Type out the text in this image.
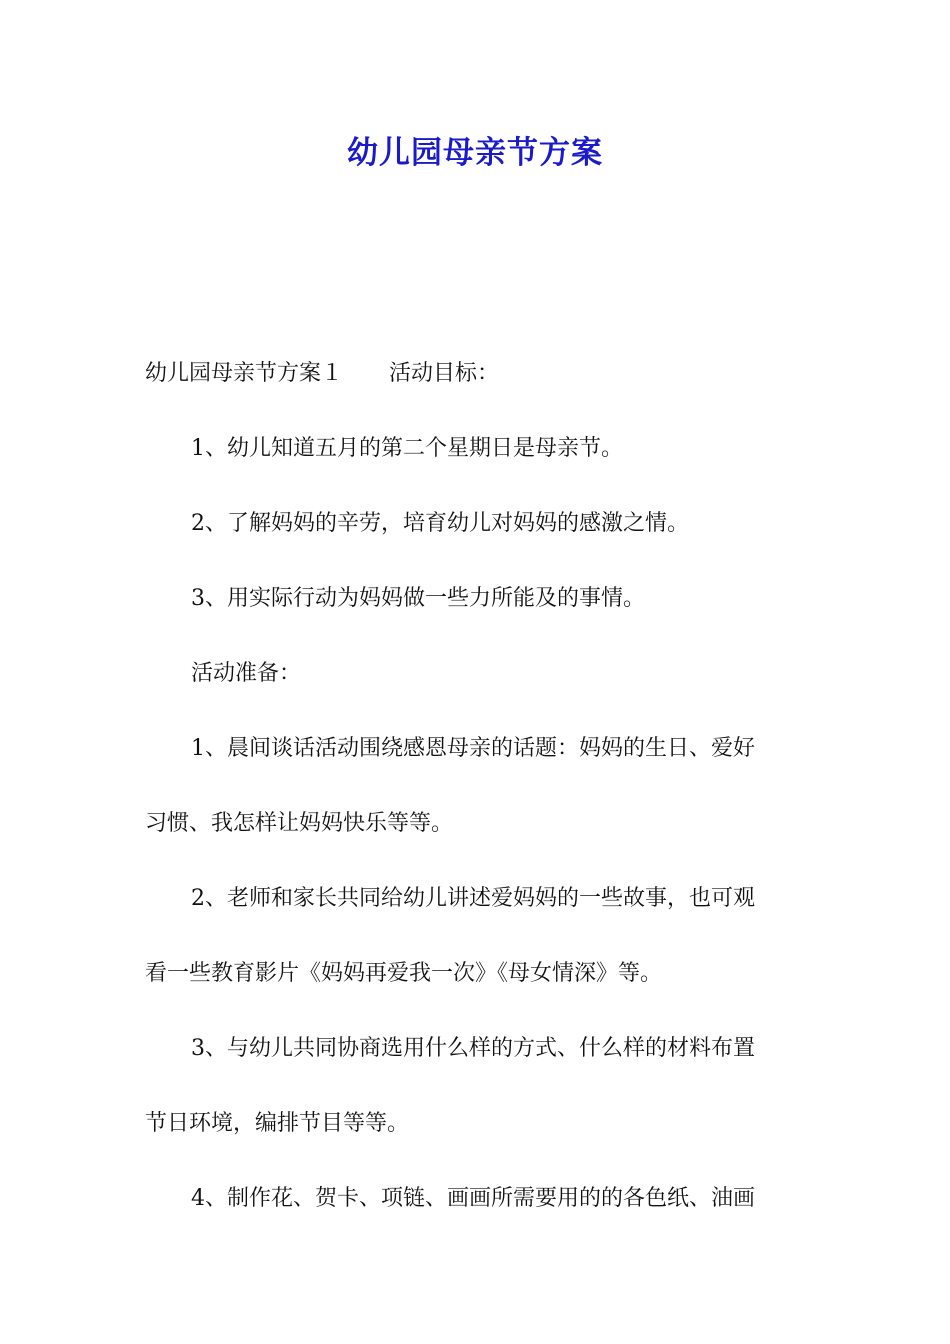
幼儿园母亲节方案
幼儿园母亲节方案１ 活动目标：
1、幼儿知道五月的第二个星期日是母亲节。
2、了解妈妈的辛劳，培育幼儿对妈妈的感激之情。
3、用实际行动为妈妈做一些力所能及的事情。
活动准备：
1、晨间谈话活动围绕感恩母亲的话题：妈妈的生日、爱好
习惯、我怎样让妈妈快乐等等。
2、老师和家长共同给幼儿讲述爱妈妈的一些故事，也可观
看一些教育影片《妈妈再爱我一次》《母女情深》等。
3、与幼儿共同协商选用什么样的方式、什么样的材料布置
节日环境，编排节目等等。
4、制作花、贺卡、项链、画画所需要用的的各色纸、油画
